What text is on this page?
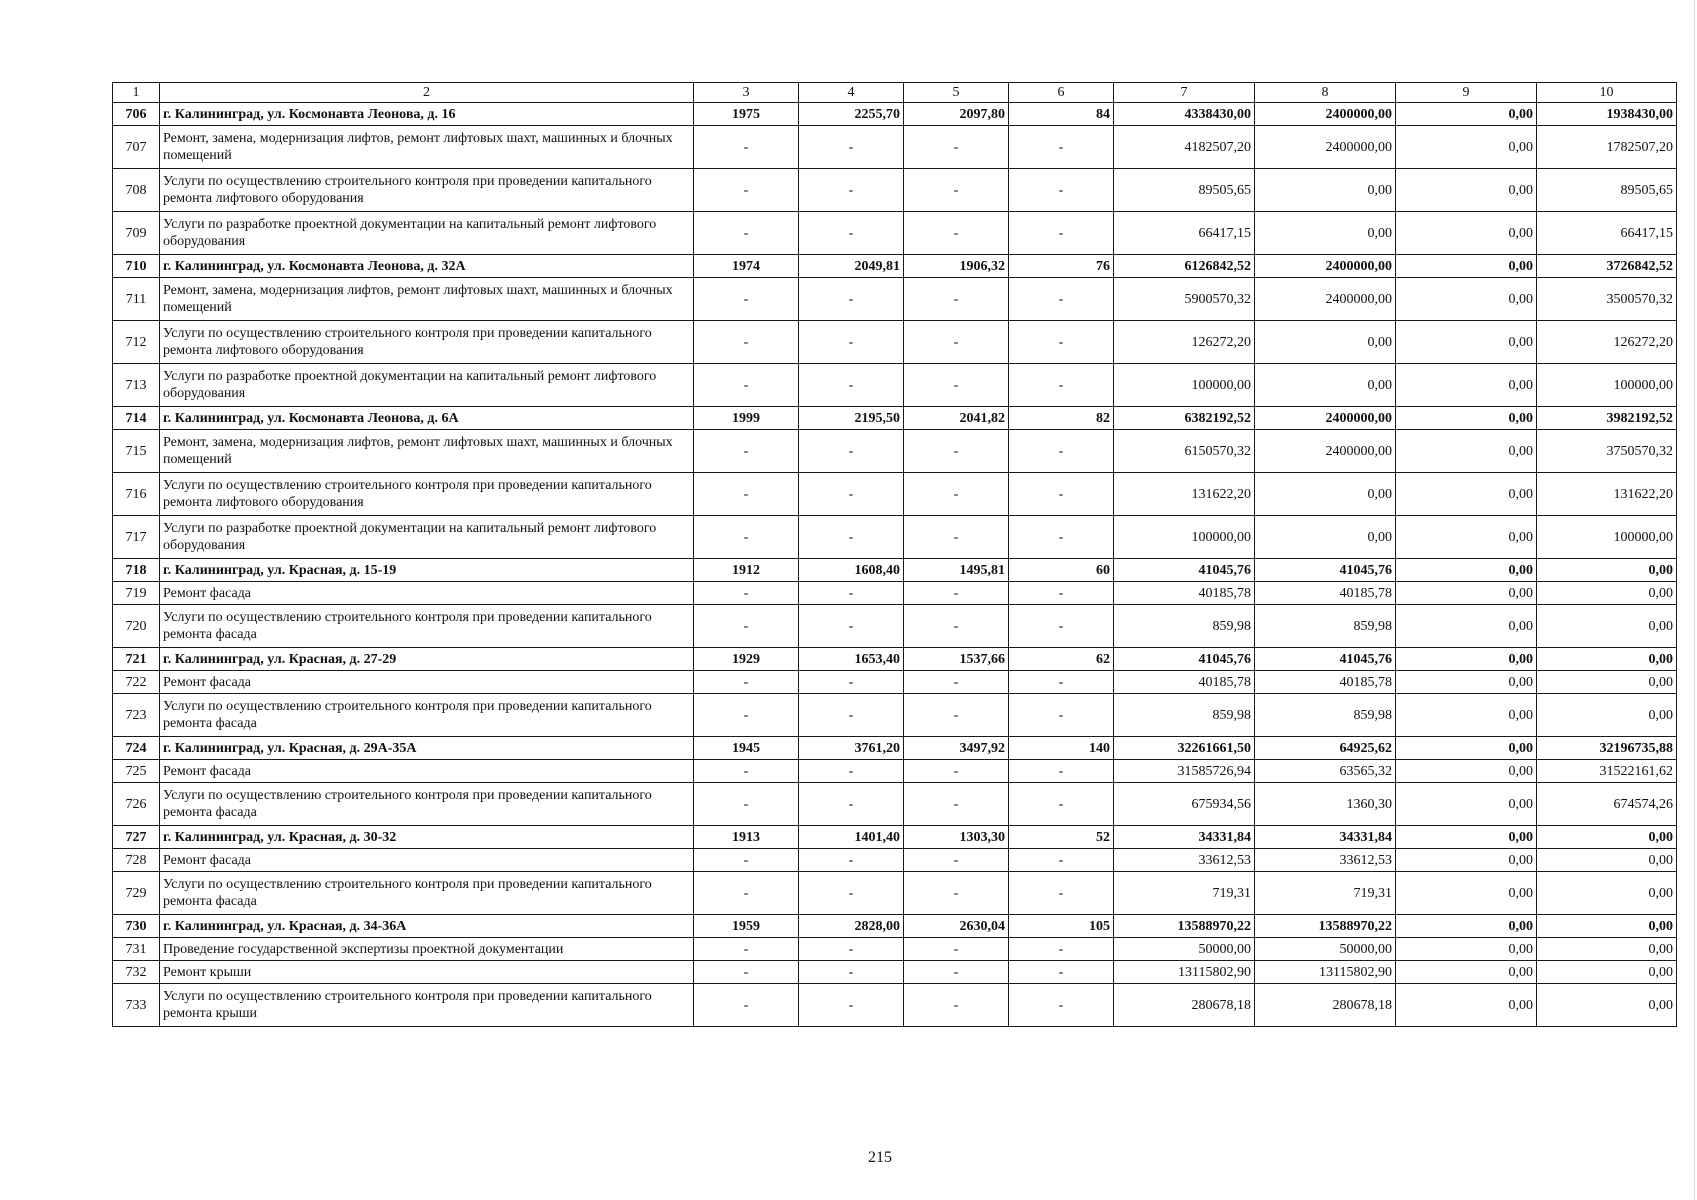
1	2	3	4	5	6	7	8	9	10
706	г. Калининград, ул. Космонавта Леонова, д. 16	1975	2255,70	2097,80	84	4338430,00	2400000,00	0,00	1938430,00
707	Ремонт, замена, модернизация лифтов, ремонт лифтовых шахт, машинных и блочных помещений	-	-	-	-	4182507,20	2400000,00	0,00	1782507,20
708	Услуги по осуществлению строительного контроля при проведении капитального ремонта лифтового оборудования	-	-	-	-	89505,65	0,00	0,00	89505,65
709	Услуги по разработке проектной документации на капитальный ремонт лифтового оборудования	-	-	-	-	66417,15	0,00	0,00	66417,15
710	г. Калининград, ул. Космонавта Леонова, д. 32А	1974	2049,81	1906,32	76	6126842,52	2400000,00	0,00	3726842,52
711	Ремонт, замена, модернизация лифтов, ремонт лифтовых шахт, машинных и блочных помещений	-	-	-	-	5900570,32	2400000,00	0,00	3500570,32
712	Услуги по осуществлению строительного контроля при проведении капитального ремонта лифтового оборудования	-	-	-	-	126272,20	0,00	0,00	126272,20
713	Услуги по разработке проектной документации на капитальный ремонт лифтового оборудования	-	-	-	-	100000,00	0,00	0,00	100000,00
714	г. Калининград, ул. Космонавта Леонова, д. 6А	1999	2195,50	2041,82	82	6382192,52	2400000,00	0,00	3982192,52
715	Ремонт, замена, модернизация лифтов, ремонт лифтовых шахт, машинных и блочных помещений	-	-	-	-	6150570,32	2400000,00	0,00	3750570,32
716	Услуги по осуществлению строительного контроля при проведении капитального ремонта лифтового оборудования	-	-	-	-	131622,20	0,00	0,00	131622,20
717	Услуги по разработке проектной документации на капитальный ремонт лифтового оборудования	-	-	-	-	100000,00	0,00	0,00	100000,00
718	г. Калининград, ул. Красная, д. 15-19	1912	1608,40	1495,81	60	41045,76	41045,76	0,00	0,00
719	Ремонт фасада	-	-	-	-	40185,78	40185,78	0,00	0,00
720	Услуги по осуществлению строительного контроля при проведении капитального ремонта фасада	-	-	-	-	859,98	859,98	0,00	0,00
721	г. Калининград, ул. Красная, д. 27-29	1929	1653,40	1537,66	62	41045,76	41045,76	0,00	0,00
722	Ремонт фасада	-	-	-	-	40185,78	40185,78	0,00	0,00
723	Услуги по осуществлению строительного контроля при проведении капитального ремонта фасада	-	-	-	-	859,98	859,98	0,00	0,00
724	г. Калининград, ул. Красная, д. 29А-35А	1945	3761,20	3497,92	140	32261661,50	64925,62	0,00	32196735,88
725	Ремонт фасада	-	-	-	-	31585726,94	63565,32	0,00	31522161,62
726	Услуги по осуществлению строительного контроля при проведении капитального ремонта фасада	-	-	-	-	675934,56	1360,30	0,00	674574,26
727	г. Калининград, ул. Красная, д. 30-32	1913	1401,40	1303,30	52	34331,84	34331,84	0,00	0,00
728	Ремонт фасада	-	-	-	-	33612,53	33612,53	0,00	0,00
729	Услуги по осуществлению строительного контроля при проведении капитального ремонта фасада	-	-	-	-	719,31	719,31	0,00	0,00
730	г. Калининград, ул. Красная, д. 34-36А	1959	2828,00	2630,04	105	13588970,22	13588970,22	0,00	0,00
731	Проведение государственной экспертизы проектной документации	-	-	-	-	50000,00	50000,00	0,00	0,00
732	Ремонт крыши	-	-	-	-	13115802,90	13115802,90	0,00	0,00
733	Услуги по осуществлению строительного контроля при проведении капитального ремонта крыши	-	-	-	-	280678,18	280678,18	0,00	0,00
215
